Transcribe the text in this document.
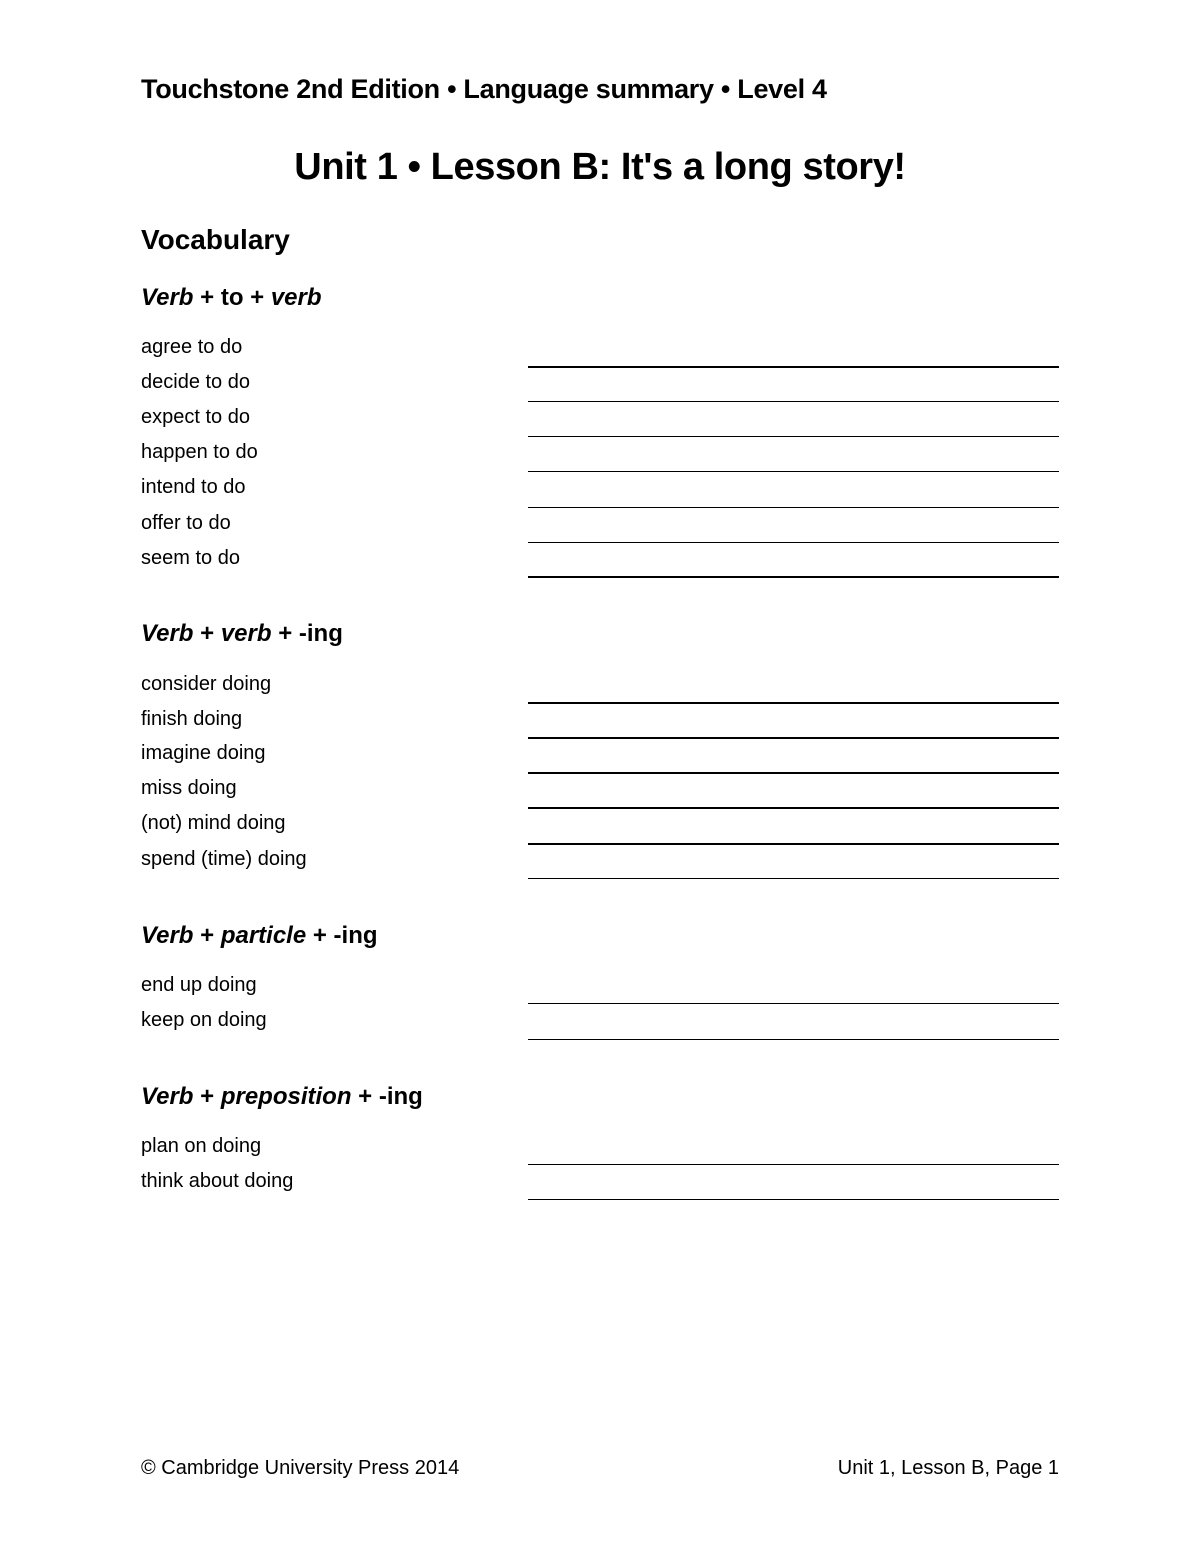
Touchstone 2nd Edition • Language summary • Level 4
Unit 1 • Lesson B: It's a long story!
Vocabulary
Verb + to + verb
agree to do
decide to do
expect to do
happen to do
intend to do
offer to do
seem to do
Verb + verb + -ing
consider doing
finish doing
imagine doing
miss doing
(not) mind doing
spend (time) doing
Verb + particle + -ing
end up doing
keep on doing
Verb + preposition + -ing
plan on doing
think about doing
© Cambridge University Press 2014	Unit 1, Lesson B, Page 1
